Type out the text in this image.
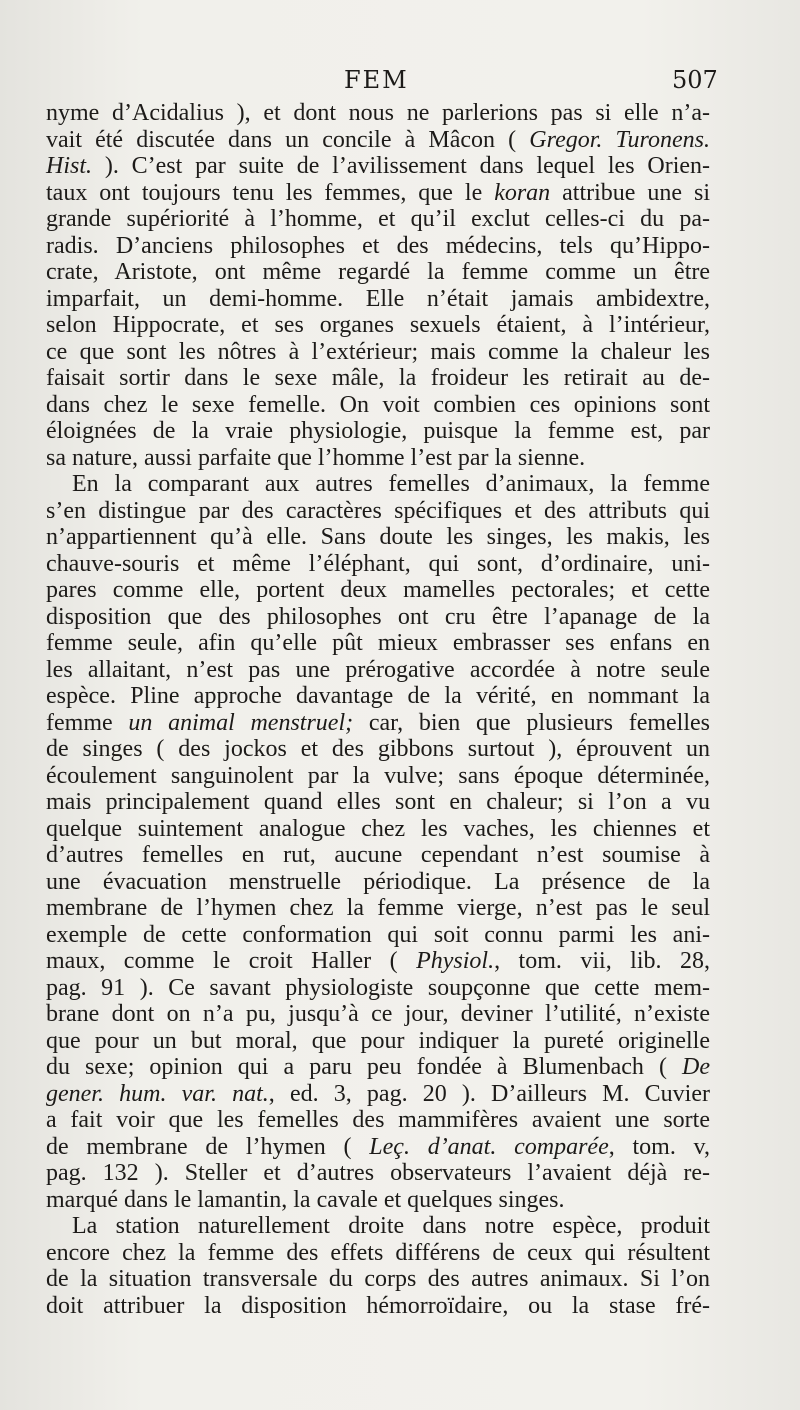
FEM	507
nyme d’Acidalius ), et dont nous ne parlerions pas si elle n’a-
vait été discutée dans un concile à Mâcon ( Gregor. Turonens.
Hist. ). C’est par suite de l’avilissement dans lequel les Orien-
taux ont toujours tenu les femmes, que le koran attribue une si
grande supériorité à l’homme, et qu’il exclut celles-ci du pa-
radis. D’anciens philosophes et des médecins, tels qu’Hippo-
crate, Aristote, ont même regardé la femme comme un être
imparfait, un demi-homme. Elle n’était jamais ambidextre,
selon Hippocrate, et ses organes sexuels étaient, à l’intérieur,
ce que sont les nôtres à l’extérieur; mais comme la chaleur les
faisait sortir dans le sexe mâle, la froideur les retirait au de-
dans chez le sexe femelle. On voit combien ces opinions sont
éloignées de la vraie physiologie, puisque la femme est, par
sa nature, aussi parfaite que l’homme l’est par la sienne.
En la comparant aux autres femelles d’animaux, la femme
s’en distingue par des caractères spécifiques et des attributs qui
n’appartiennent qu’à elle. Sans doute les singes, les makis, les
chauve-souris et même l’éléphant, qui sont, d’ordinaire, uni-
pares comme elle, portent deux mamelles pectorales; et cette
disposition que des philosophes ont cru être l’apanage de la
femme seule, afin qu’elle pût mieux embrasser ses enfans en
les allaitant, n’est pas une prérogative accordée à notre seule
espèce. Pline approche davantage de la vérité, en nommant la
femme un animal menstruel; car, bien que plusieurs femelles
de singes ( des jockos et des gibbons surtout ), éprouvent un
écoulement sanguinolent par la vulve; sans époque déterminée,
mais principalement quand elles sont en chaleur; si l’on a vu
quelque suintement analogue chez les vaches, les chiennes et
d’autres femelles en rut, aucune cependant n’est soumise à
une évacuation menstruelle périodique. La présence de la
membrane de l’hymen chez la femme vierge, n’est pas le seul
exemple de cette conformation qui soit connu parmi les ani-
maux, comme le croit Haller ( Physiol., tom. vii, lib. 28,
pag. 91 ). Ce savant physiologiste soupçonne que cette mem-
brane dont on n’a pu, jusqu’à ce jour, deviner l’utilité, n’existe
que pour un but moral, que pour indiquer la pureté originelle
du sexe; opinion qui a paru peu fondée à Blumenbach ( De
gener. hum. var. nat., ed. 3, pag. 20 ). D’ailleurs M. Cuvier
a fait voir que les femelles des mammifères avaient une sorte
de membrane de l’hymen ( Leç. d’anat. comparée, tom. v,
pag. 132 ). Steller et d’autres observateurs l’avaient déjà re-
marqué dans le lamantin, la cavale et quelques singes.
La station naturellement droite dans notre espèce, produit
encore chez la femme des effets différens de ceux qui résultent
de la situation transversale du corps des autres animaux. Si l’on
doit attribuer la disposition hémorroïdaire, ou la stase fré-
